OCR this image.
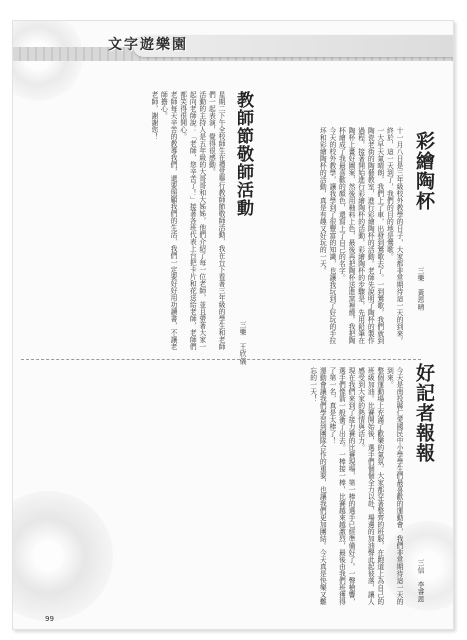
文字遊樂園
彩繪陶杯
三樂　黃恩晴

十一月八日是三年級校外教學的日子，大家都非常期待這一天的到來。終於，這一天到了，我們的目的地是鶯歌。

一大早天氣晴朗，我們上了車，出發到鶯歌去了。一到鶯歌，我們就到陶瓷老街的陶藝教室，進行彩繪陶杯的活動。老師先說明了陶杯的製作過程，接著開始進行彩繪陶杯的活動，彩繪陶杯的步驟是，先用鉛筆在陶杯上畫好圖案，然後用釉料上色，最後再把陶杯送進窯裡燒。我把陶杯繪成了我最喜歡的顏色，還寫上了自己的名字。

今天的校外教學，讓我學到了很豐富的知識，也讓我玩到了好玩的手拉坏和彩繪陶杯的活動，真是有趣又好玩的一天。

教師節敬師活動
三樂　王欣儀

星期二下午全校師生在禮堂舉行教師節敬師活動，我在台下看著三年級的學生和老師們一起表演，覺得很感動。

活動的主持人是五年級的大哥哥和大姊姊，他們介紹了每一位老師，並且帶著大家一起向老師說：「老師，您辛苦了！」接著各班代表上台把卡片和花送給老師，老師們都笑得很開心。

老師每天辛苦的教導我們，還要照顧我們的生活，我們一定要好好用功讀書，不讓老師擔心。

老師，謝謝您！

好記者報報
三信　李睿恩

今天是南投縣仁愛國民中小學學生們最喜歡的運動會，我們非常期待這一天的到來。

整個運動場上充滿了歡樂的氣氛，大家都穿著整齊的班服，在跑道上為自己的班級加油。比賽開始後，選手們個個全力以赴，場邊的加油聲此起彼落，讓人感受到大家的熱情與活力。

現在我們來到了接力賽的比賽現場，第一棒的選手已經準備好了。一聲槍響，選手們像箭一般衝了出去。一棒接一棒，比賽越來越激烈，最後由我們班獲得了第一名，真是太棒了！

運動會讓我們學習到團隊合作的重要，也讓我們更加團結。今天真是快樂又難忘的一天！

99
